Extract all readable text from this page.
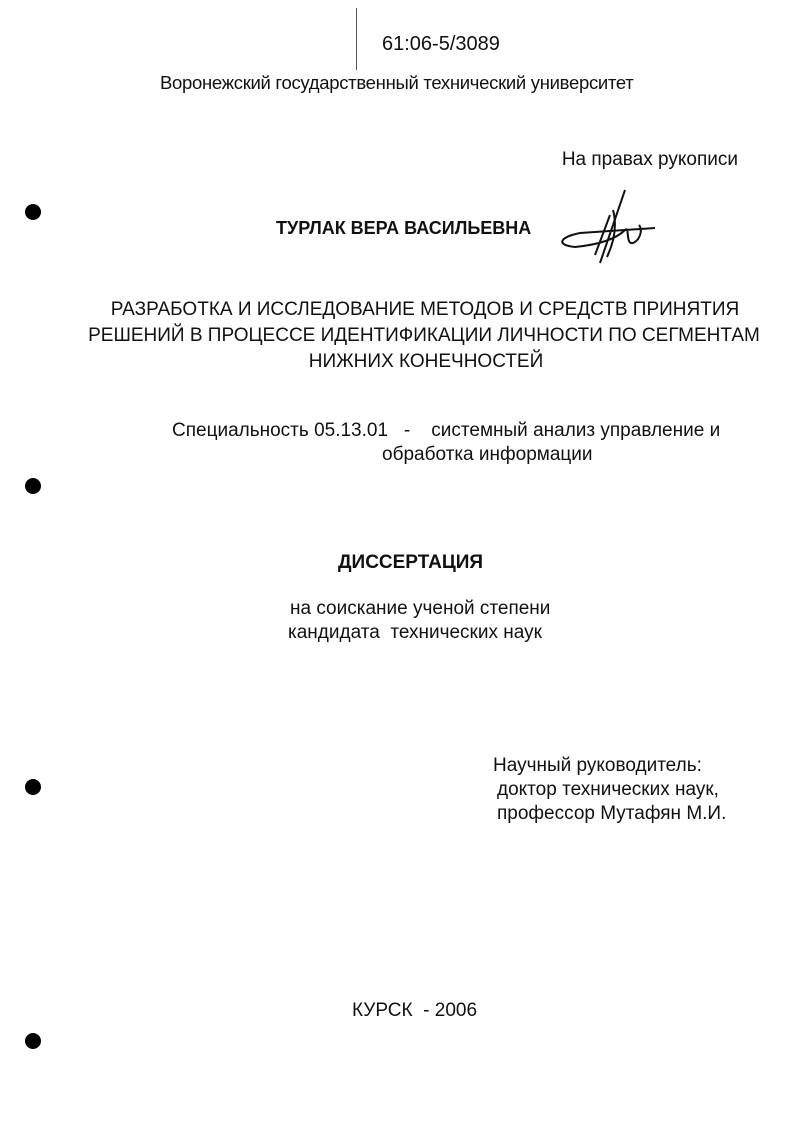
61:06-5/3089
Воронежский государственный технический университет
На правах рукописи
ТУРЛАК ВЕРА ВАСИЛЬЕВНА
РАЗРАБОТКА И ИССЛЕДОВАНИЕ МЕТОДОВ И СРЕДСТВ ПРИНЯТИЯ
РЕШЕНИЙ В ПРОЦЕССЕ ИДЕНТИФИКАЦИИ ЛИЧНОСТИ ПО СЕГМЕНТАМ
НИЖНИХ КОНЕЧНОСТЕЙ
Специальность 05.13.01   -    системный анализ управление и
обработка информации
ДИССЕРТАЦИЯ
на соискание ученой степени
кандидата  технических наук
Научный руководитель:
доктор технических наук,
профессор Мутафян М.И.
КУРСК  - 2006
